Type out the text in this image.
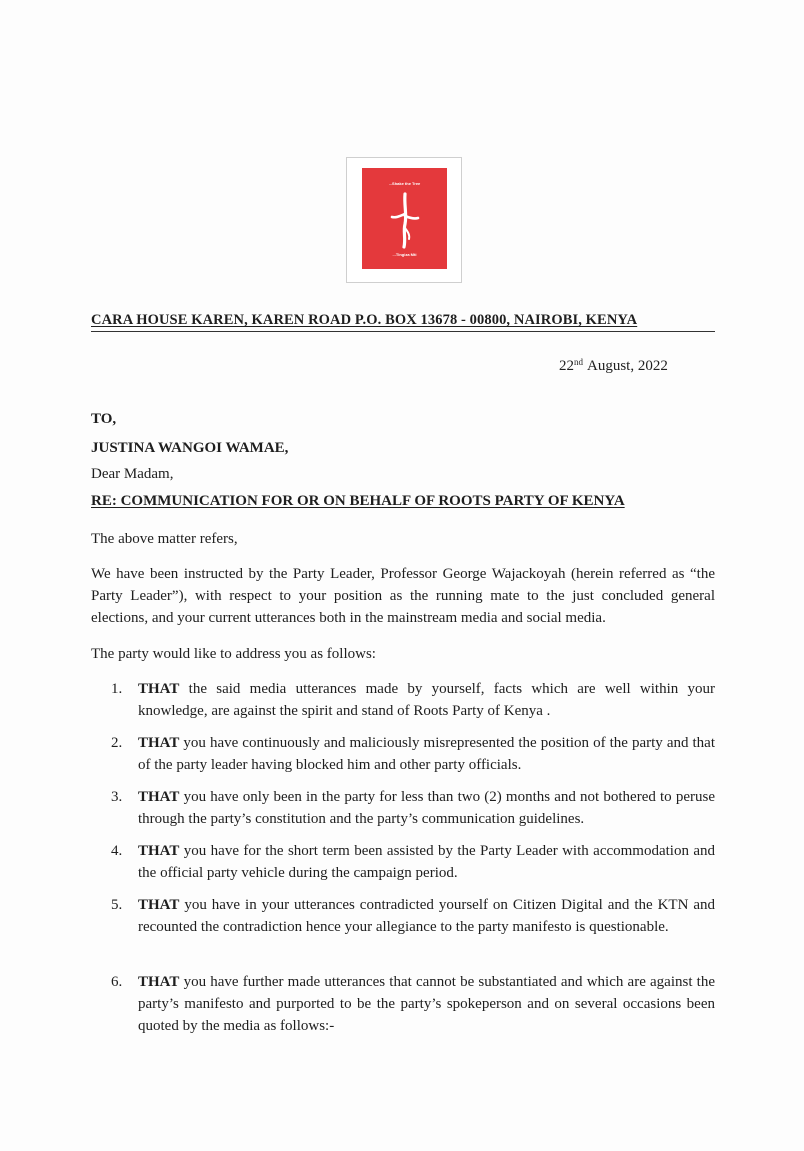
...Shake the Tree
...Tingiza Mti
CARA HOUSE KAREN, KAREN ROAD P.O. BOX 13678 - 00800, NAIROBI, KENYA
22nd August, 2022
TO,
JUSTINA WANGOI WAMAE,
Dear Madam,
RE: COMMUNICATION FOR OR ON BEHALF OF ROOTS PARTY OF KENYA
The above matter refers,
We have been instructed by the Party Leader, Professor George Wajackoyah (herein referred as “the Party Leader”), with respect to your position as the running mate to the just concluded general elections, and your current utterances both in the mainstream media and social media.
The party would like to address you as follows:
1. THAT the said media utterances made by yourself, facts which are well within your knowledge, are against the spirit and stand of Roots Party of Kenya .
2. THAT you have continuously and maliciously misrepresented the position of the party and that of the party leader having blocked him and other party officials.
3. THAT you have only been in the party for less than two (2) months and not bothered to peruse through the party’s constitution and the party’s communication guidelines.
4. THAT you have for the short term been assisted by the Party Leader with accommodation and the official party vehicle during the campaign period.
5. THAT you have in your utterances contradicted yourself on Citizen Digital and the KTN and recounted the contradiction hence your allegiance to the party manifesto is questionable.
6. THAT you have further made utterances that cannot be substantiated and which are against the party’s manifesto and purported to be the party’s spokeperson and on several occasions been quoted by the media as follows:-
